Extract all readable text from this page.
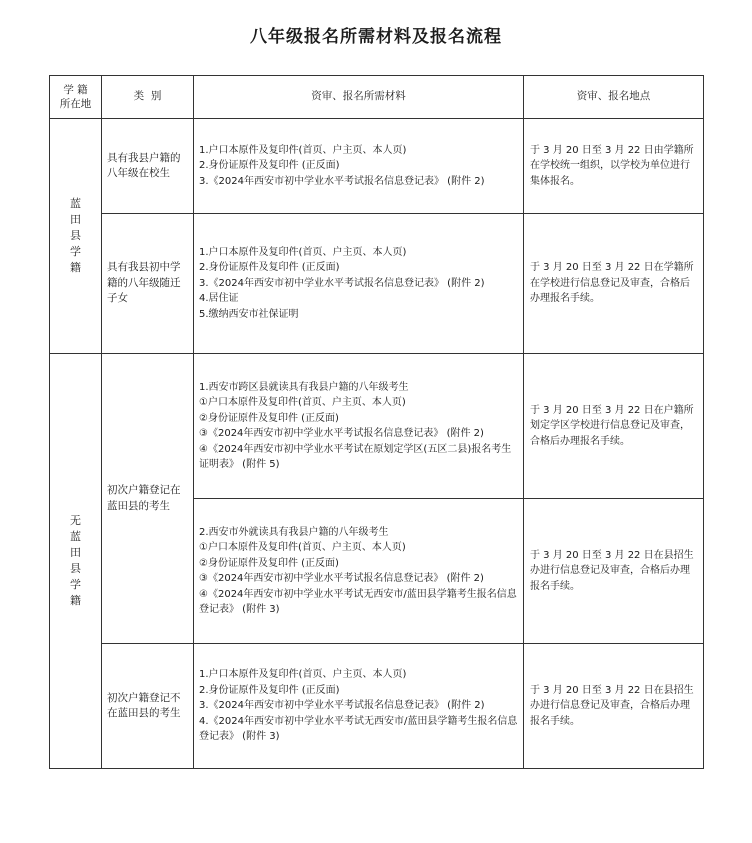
八年级报名所需材料及报名流程
学 籍
所在地	类  别	资审、报名所需材料	资审、报名地点
蓝田县学籍	具有我县户籍的八年级在校生	1.户口本原件及复印件(首页、户主页、本人页)
2.身份证原件及复印件 (正反面)
3.《2024年西安市初中学业水平考试报名信息登记表》 (附件 2)	于 3 月 20 日至 3 月 22 日由学籍所在学校统一组织，以学校为单位进行集体报名。
	具有我县初中学籍的八年级随迁子女	1.户口本原件及复印件(首页、户主页、本人页)
2.身份证原件及复印件 (正反面)
3.《2024年西安市初中学业水平考试报名信息登记表》 (附件 2)
4.居住证
5.缴纳西安市社保证明	于 3 月 20 日至 3 月 22 日在学籍所在学校进行信息登记及审查，合格后办理报名手续。
无蓝田县学籍	初次户籍登记在蓝田县的考生	1.西安市跨区县就读具有我县户籍的八年级考生
①户口本原件及复印件(首页、户主页、本人页)
②身份证原件及复印件 (正反面)
③《2024年西安市初中学业水平考试报名信息登记表》 (附件 2)
④《2024年西安市初中学业水平考试在原划定学区(五区二县)报名考生证明表》 (附件 5)	于 3 月 20 日至 3 月 22 日在户籍所划定学区学校进行信息登记及审查，合格后办理报名手续。

		2.西安市外就读具有我县户籍的八年级考生
①户口本原件及复印件(首页、户主页、本人页)
②身份证原件及复印件 (正反面)
③《2024年西安市初中学业水平考试报名信息登记表》 (附件 2)
④《2024年西安市初中学业水平考试无西安市/蓝田县学籍考生报名信息登记表》 (附件 3)	于 3 月 20 日至 3 月 22 日在县招生办进行信息登记及审查，合格后办理报名手续。
	初次户籍登记不在蓝田县的考生	1.户口本原件及复印件(首页、户主页、本人页)
2.身份证原件及复印件 (正反面)
3.《2024年西安市初中学业水平考试报名信息登记表》 (附件 2)
4.《2024年西安市初中学业水平考试无西安市/蓝田县学籍考生报名信息登记表》 (附件 3)	于 3 月 20 日至 3 月 22 日在县招生办进行信息登记及审查，合格后办理报名手续。
